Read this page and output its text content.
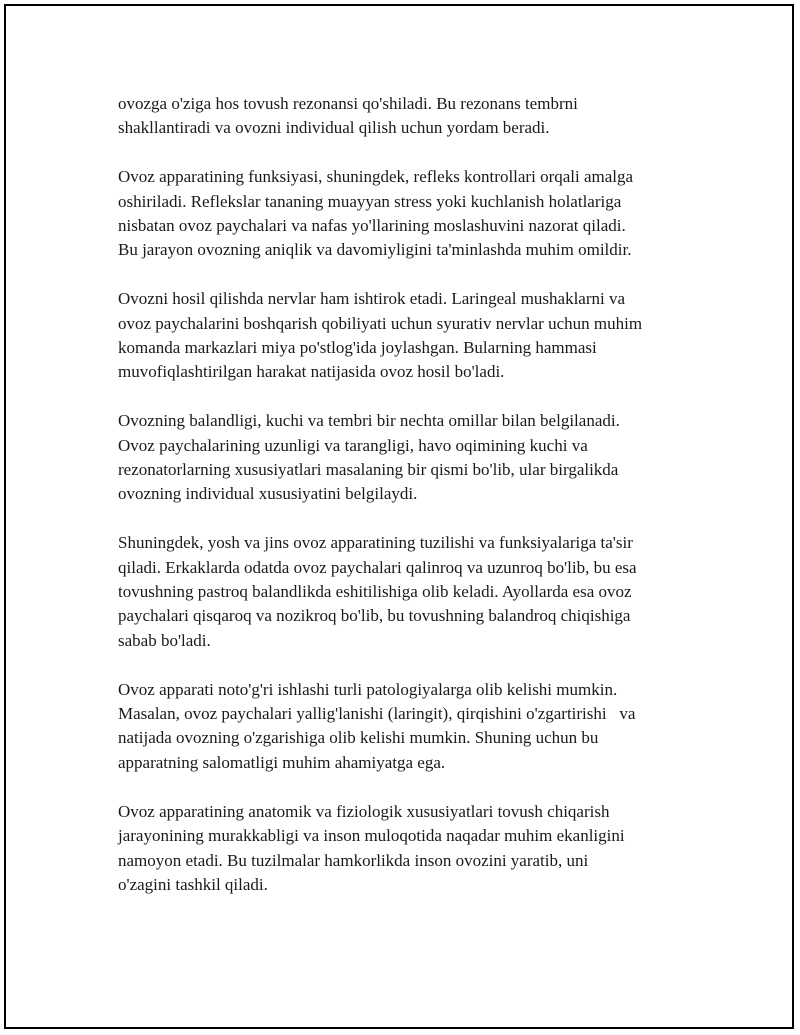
ovozga o'ziga hos tovush rezonansi qo'shiladi. Bu rezonans tembrni
shakllantiradi va ovozni individual qilish uchun yordam beradi.

Ovoz apparatining funksiyasi, shuningdek, refleks kontrollari orqali amalga
oshiriladi. Reflekslar tananing muayyan stress yoki kuchlanish holatlariga
nisbatan ovoz paychalari va nafas yo'llarining moslashuvini nazorat qiladi.
Bu jarayon ovozning aniqlik va davomiyligini ta'minlashda muhim omildir.

Ovozni hosil qilishda nervlar ham ishtirok etadi. Laringeal mushaklarni va
ovoz paychalarini boshqarish qobiliyati uchun syurativ nervlar uchun muhim
komanda markazlari miya po'stlog'ida joylashgan. Bularning hammasi
muvofiqlashtirilgan harakat natijasida ovoz hosil bo'ladi.

Ovozning balandligi, kuchi va tembri bir nechta omillar bilan belgilanadi.
Ovoz paychalarining uzunligi va tarangligi, havo oqimining kuchi va
rezonatorlarning xususiyatlari masalaning bir qismi bo'lib, ular birgalikda
ovozning individual xususiyatini belgilaydi.

Shuningdek, yosh va jins ovoz apparatining tuzilishi va funksiyalariga ta'sir
qiladi. Erkaklarda odatda ovoz paychalari qalinroq va uzunroq bo'lib, bu esa
tovushning pastroq balandlikda eshitilishiga olib keladi. Ayollarda esa ovoz
paychalari qisqaroq va nozikroq bo'lib, bu tovushning balandroq chiqishiga
sabab bo'ladi.

Ovoz apparati noto'g'ri ishlashi turli patologiyalarga olib kelishi mumkin.
Masalan, ovoz paychalari yallig'lanishi (laringit), qirqishini o'zgartirishi   va
natijada ovozning o'zgarishiga olib kelishi mumkin. Shuning uchun bu
apparatning salomatligi muhim ahamiyatga ega.

Ovoz apparatining anatomik va fiziologik xususiyatlari tovush chiqarish
jarayonining murakkabligi va inson muloqotida naqadar muhim ekanligini
namoyon etadi. Bu tuzilmalar hamkorlikda inson ovozini yaratib, uni
o'zagini tashkil qiladi.
